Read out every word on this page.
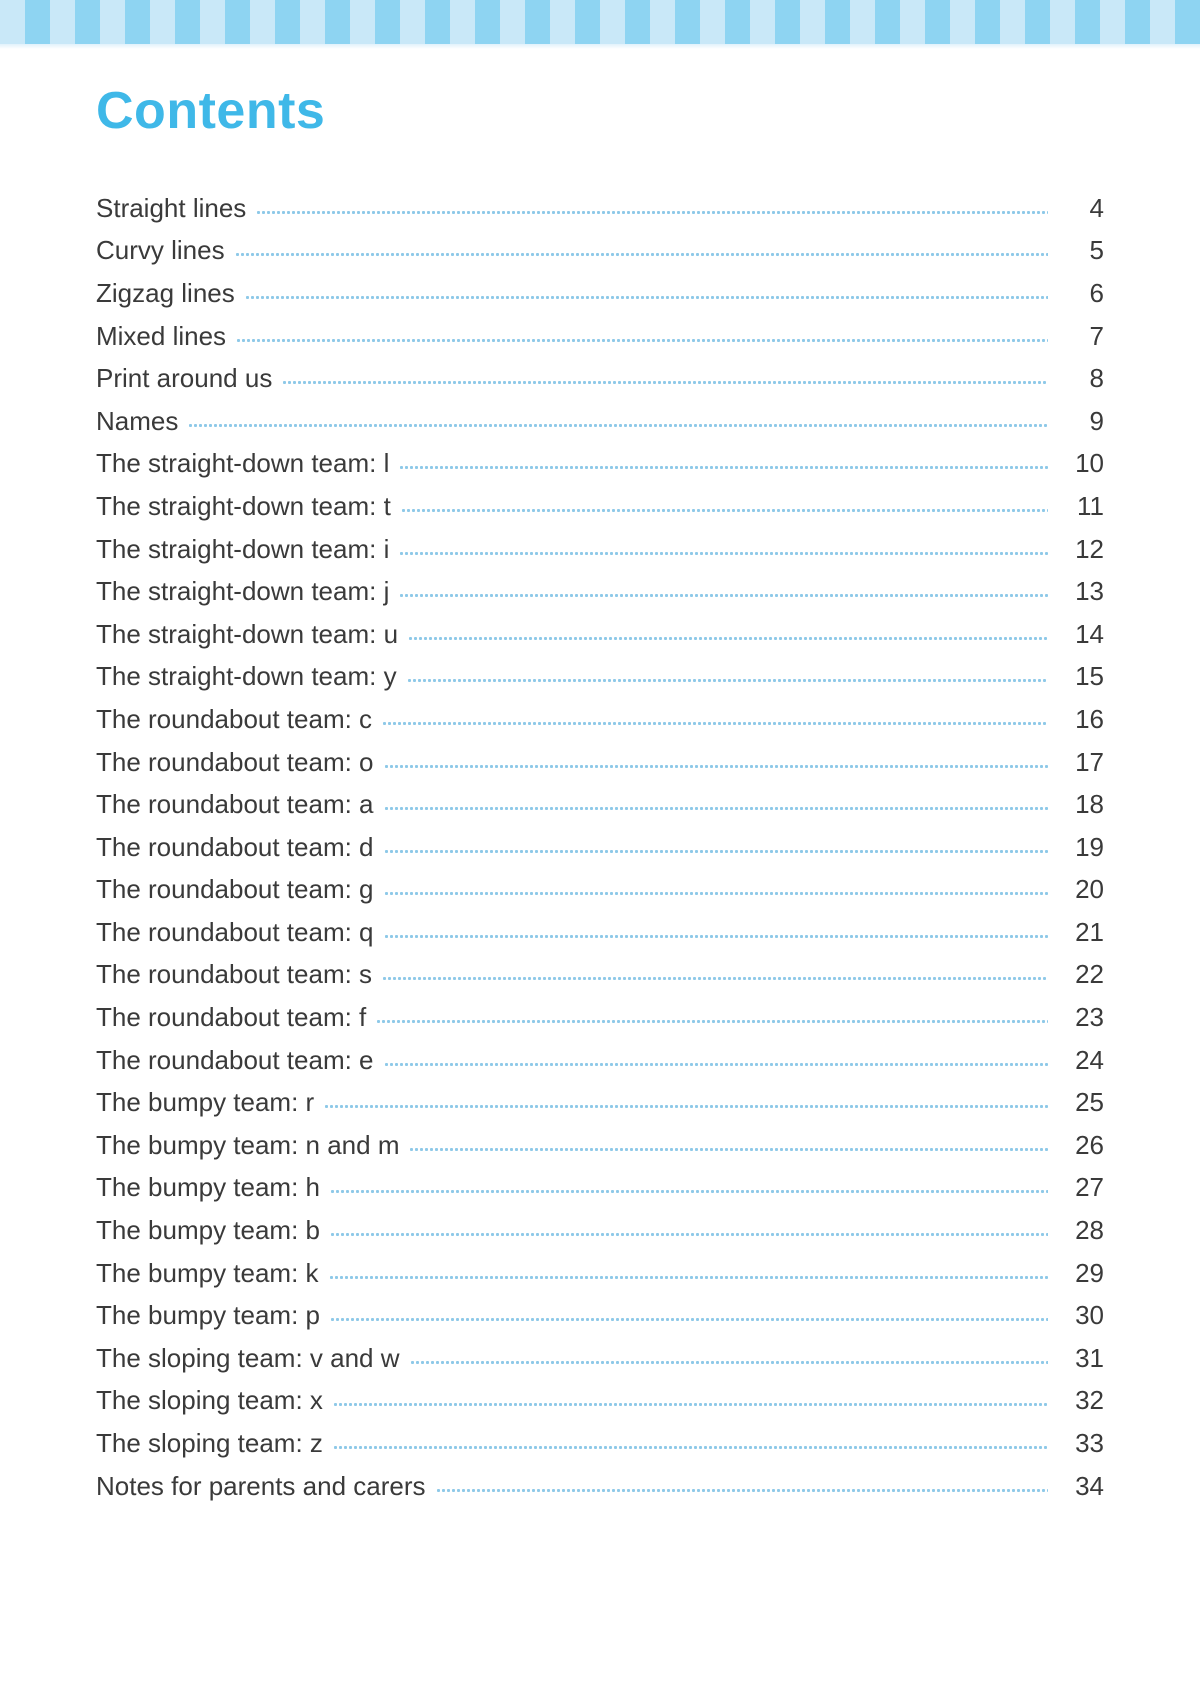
Contents
Straight lines	4
Curvy lines	5
Zigzag lines	6
Mixed lines	7
Print around us	8
Names	9
The straight-down team: l	10
The straight-down team: t	11
The straight-down team: i	12
The straight-down team: j	13
The straight-down team: u	14
The straight-down team: y	15
The roundabout team: c	16
The roundabout team: o	17
The roundabout team: a	18
The roundabout team: d	19
The roundabout team: g	20
The roundabout team: q	21
The roundabout team: s	22
The roundabout team: f	23
The roundabout team: e	24
The bumpy team: r	25
The bumpy team: n and m	26
The bumpy team: h	27
The bumpy team: b	28
The bumpy team: k	29
The bumpy team: p	30
The sloping team: v and w	31
The sloping team: x	32
The sloping team: z	33
Notes for parents and carers	34
